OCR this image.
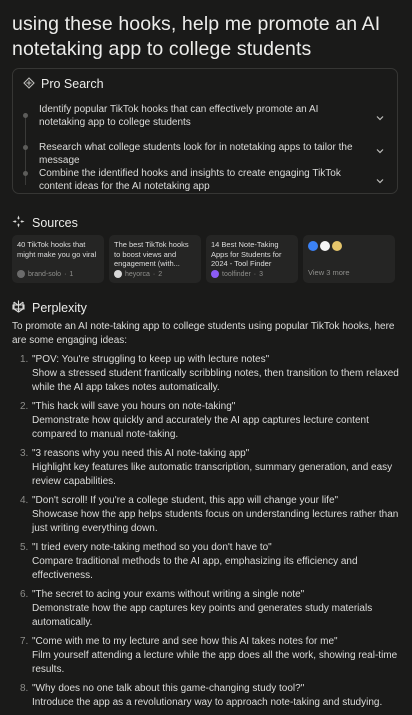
using these hooks, help me promote an AI notetaking app to college students
Pro Search
Identify popular TikTok hooks that can effectively promote an AI notetaking app to college students
Research what college students look for in notetaking apps to tailor the message
Combine the identified hooks and insights to create engaging TikTok content ideas for the AI notetaking app
Sources
40 TikTok hooks that might make you go viral
brand-solo · 1
The best TikTok hooks to boost views and engagement (with...
heyorca · 2
14 Best Note-Taking Apps for Students for 2024 - Tool Finder
toolfinder · 3	View 3 more
Perplexity

To promote an AI note-taking app to college students using popular TikTok hooks, here are some engaging ideas:

1. "POV: You're struggling to keep up with lecture notes"
Show a stressed student frantically scribbling notes, then transition to them relaxed while the AI app takes notes automatically.
2. "This hack will save you hours on note-taking"
Demonstrate how quickly and accurately the AI app captures lecture content compared to manual note-taking.
3. "3 reasons why you need this AI note-taking app"
Highlight key features like automatic transcription, summary generation, and easy review capabilities.
4. "Don't scroll! If you're a college student, this app will change your life"
Showcase how the app helps students focus on understanding lectures rather than just writing everything down.
5. "I tried every note-taking method so you don't have to"
Compare traditional methods to the AI app, emphasizing its efficiency and effectiveness.
6. "The secret to acing your exams without writing a single note"
Demonstrate how the app captures key points and generates study materials automatically.
7. "Come with me to my lecture and see how this AI takes notes for me"
Film yourself attending a lecture while the app does all the work, showing real-time results.
8. "Why does no one talk about this game-changing study tool?"
Introduce the app as a revolutionary way to approach note-taking and studying.
